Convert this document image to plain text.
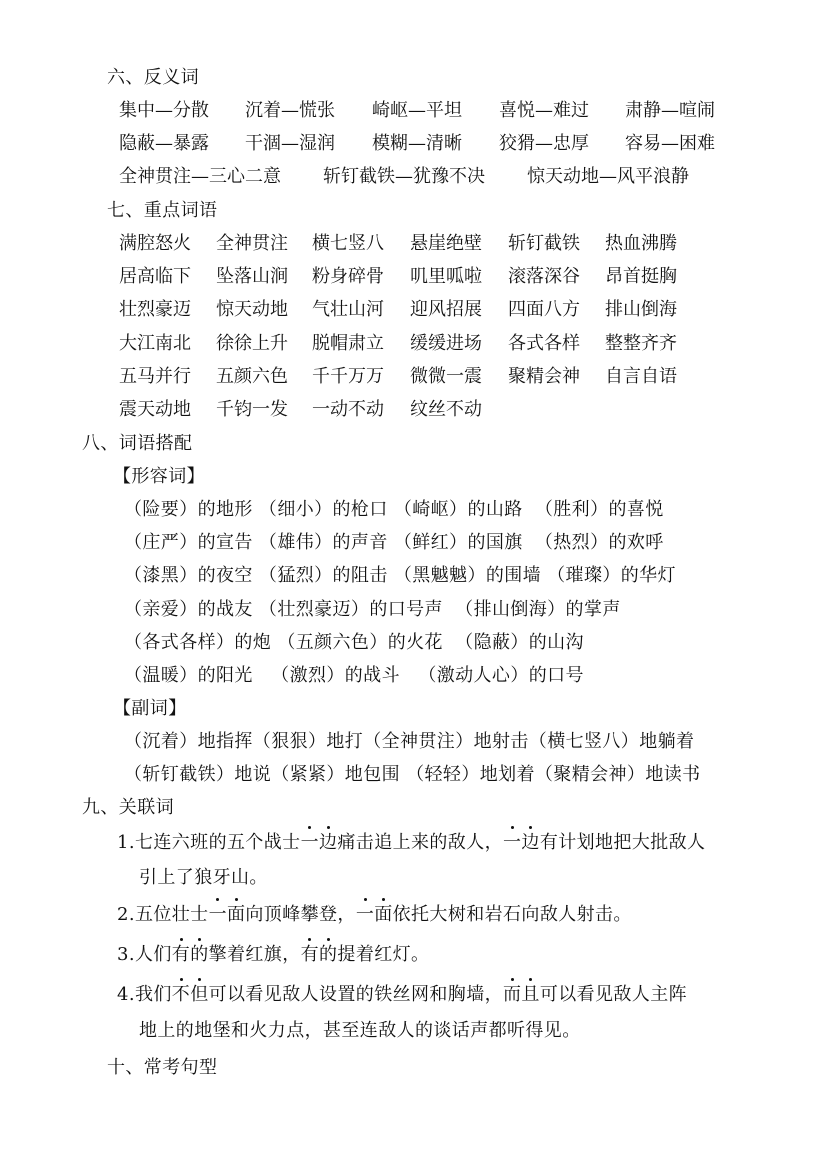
六、反义词
集中—分散 沉着—慌张 崎岖—平坦 喜悦—难过 肃静—喧闹
隐蔽—暴露 干涸—湿润 模糊—清晰 狡猾—忠厚 容易—困难
全神贯注—三心二意 斩钉截铁—犹豫不决 惊天动地—风平浪静
七、重点词语
满腔怒火 全神贯注 横七竖八 悬崖绝壁 斩钉截铁 热血沸腾
居高临下 坠落山涧 粉身碎骨 叽里呱啦 滚落深谷 昂首挺胸
壮烈豪迈 惊天动地 气壮山河 迎风招展 四面八方 排山倒海
大江南北 徐徐上升 脱帽肃立 缓缓进场 各式各样 整整齐齐
五马并行 五颜六色 千千万万 微微一震 聚精会神 自言自语
震天动地 千钧一发 一动不动 纹丝不动
八、词语搭配
【形容词】
（险要）的地形 （细小）的枪口 （崎岖）的山路  （胜利）的喜悦
（庄严）的宣告 （雄伟）的声音 （鲜红）的国旗  （热烈）的欢呼
（漆黑）的夜空 （猛烈）的阻击 （黑魆魆）的围墙 （璀璨）的华灯
（亲爱）的战友 （壮烈豪迈）的口号声  （排山倒海）的掌声
（各式各样）的炮 （五颜六色）的火花  （隐蔽）的山沟
（温暖）的阳光   （激烈）的战斗   （激动人心）的口号
【副词】
（沉着）地指挥（狠狠）地打（全神贯注）地射击（横七竖八）地躺着
（斩钉截铁）地说（紧紧）地包围 （轻轻）地划着（聚精会神）地读书
九、关联词
1.七连六班的五个战士一边痛击追上来的敌人，一边有计划地把大批敌人
引上了狼牙山。
2.五位壮士一面向顶峰攀登，一面依托大树和岩石向敌人射击。
3.人们有的擎着红旗，有的提着红灯。
4.我们不但可以看见敌人设置的铁丝网和胸墙，而且可以看见敌人主阵
地上的地堡和火力点，甚至连敌人的谈话声都听得见。
十、常考句型
